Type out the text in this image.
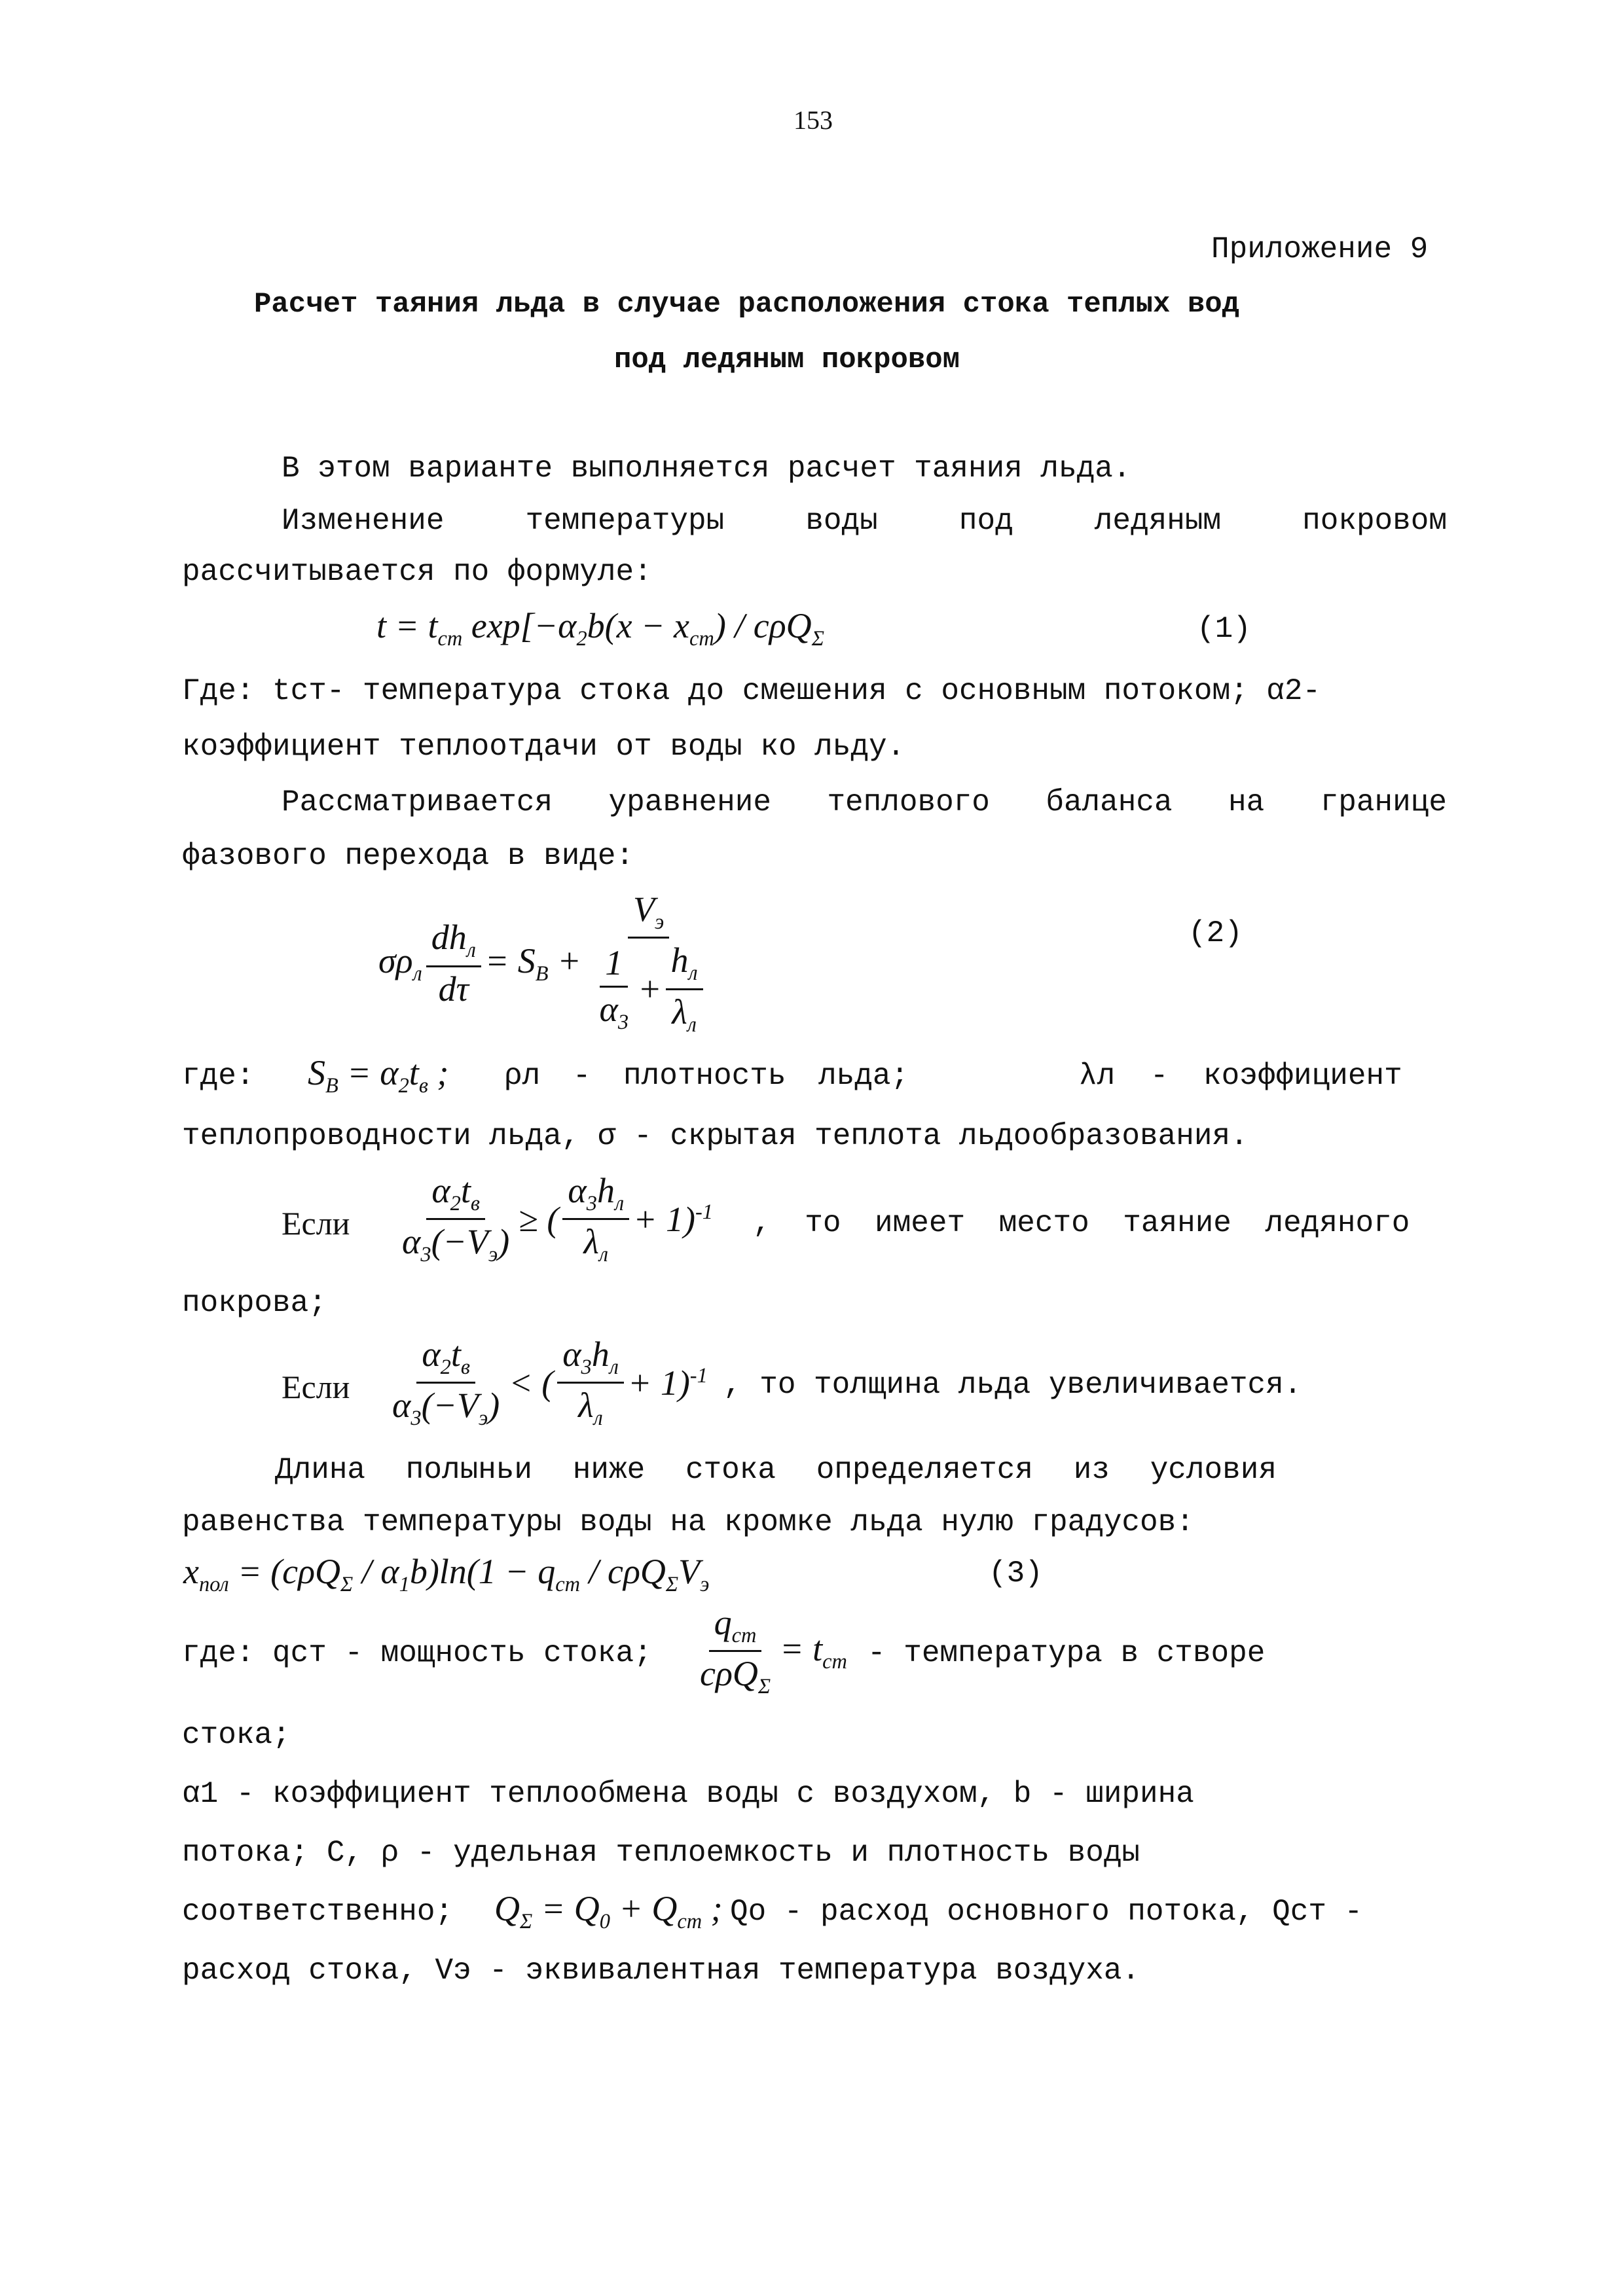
153
Приложение 9
Расчет таяния льда в случае расположения стока теплых вод
под ледяным покровом
В этом варианте выполняется расчет таяния льда.
Изменение	температуры	воды	под	ледяным	покровом
рассчитывается по формуле:
$t = t_{ст}$ $\exp[-\alpha_2b(x - x_{ст}) / c\rho Q_\Sigma$	(1)
Где: tст- температура стока до смешения с основным потоком; α2-
коэффициент теплоотдачи от воды ко льду.
Рассматривается уравнение теплового баланса на границе
фазового перехода в виде:
$\sigma\rho_л \frac{dh_л}{d\tau} = S_B + \frac{V_э}{\frac{1}{\alpha_3} + \frac{h_л}{\lambda_л}}$	(2)
где: $S_B = \alpha_2t_в$ ; ρл - плотность льда;	λл - коэффициент
теплопроводности льда, σ - скрытая теплота льдообразования.
Если $\frac{\alpha_2t_в}{\alpha_3(-V_э)}$ ≥ ( $\frac{\alpha_3h_л}{\lambda_л} + 1)^{-1}$ , то имеет место таяние ледяного
покрова;
Если $\frac{\alpha_2t_в}{\alpha_3(-V_э)}$ < ( $\frac{\alpha_3h_л}{\lambda_л} + 1)^{-1}$ , то толщина льда увеличивается.
Длина полыньи ниже стока определяется из условия
равенства температуры воды на кромке льда нулю градусов:
$x_{пол} = (c\rho Q_\Sigma / \alpha_1b)\ln(1 - q_{ст} / c\rho Q_\Sigma V_э$	(3)
где: qст - мощность стока; $\frac{q_{ст}}{c\rho Q_\Sigma} = t_{ст}$ - температура в створе
стока;
α1 - коэффициент теплообмена воды с воздухом, b - ширина
потока; C, ρ - удельная теплоемкость и плотность воды
соответственно; $Q_\Sigma = Q_0 + Q_{ст}$ ; Qо - расход основного потока, Qст -
расход стока, Vэ - эквивалентная температура воздуха.
